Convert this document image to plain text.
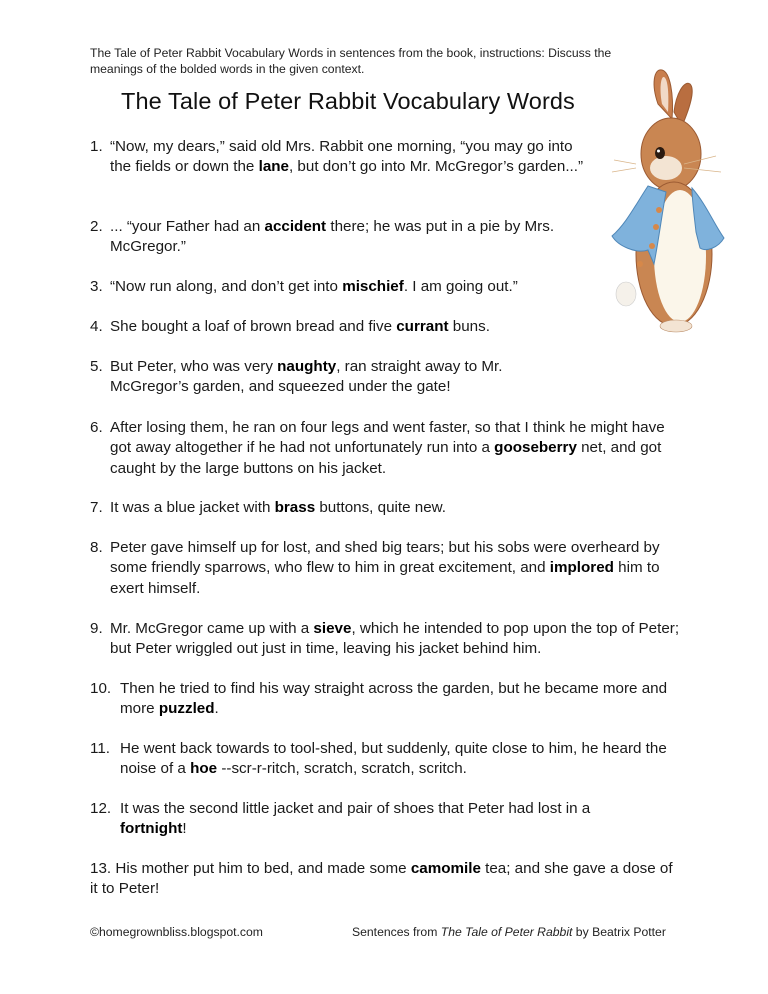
The Tale of Peter Rabbit Vocabulary Words in sentences from the book, instructions: Discuss the meanings of the bolded words in the given context.
The Tale of Peter Rabbit Vocabulary Words
1. “Now, my dears,” said old Mrs. Rabbit one morning, “you may go into the fields or down the lane, but don’t go into Mr. McGregor’s garden...”
2. ... “your Father had an accident there; he was put in a pie by Mrs. McGregor.”
3. “Now run along, and don’t get into mischief. I am going out.”
4. She bought a loaf of brown bread and five currant buns.
5. But Peter, who was very naughty, ran straight away to Mr. McGregor’s garden, and squeezed under the gate!
6. After losing them, he ran on four legs and went faster, so that I think he might have got away altogether if he had not unfortunately run into a gooseberry net, and got caught by the large buttons on his jacket.
7. It was a blue jacket with brass buttons, quite new.
8. Peter gave himself up for lost, and shed big tears; but his sobs were overheard by some friendly sparrows, who flew to him in great excitement, and implored him to exert himself.
9. Mr. McGregor came up with a sieve, which he intended to pop upon the top of Peter; but Peter wriggled out just in time, leaving his jacket behind him.
10. Then he tried to find his way straight across the garden, but he became more and more puzzled.
11. He went back towards to tool-shed, but suddenly, quite close to him, he heard the noise of a hoe --scr-r-ritch, scratch, scratch, scritch.
12. It was the second little jacket and pair of shoes that Peter had lost in a fortnight!
13. His mother put him to bed, and made some camomile tea; and she gave a dose of it to Peter!
©homegrownbliss.blogspot.com	Sentences from The Tale of Peter Rabbit by Beatrix Potter
